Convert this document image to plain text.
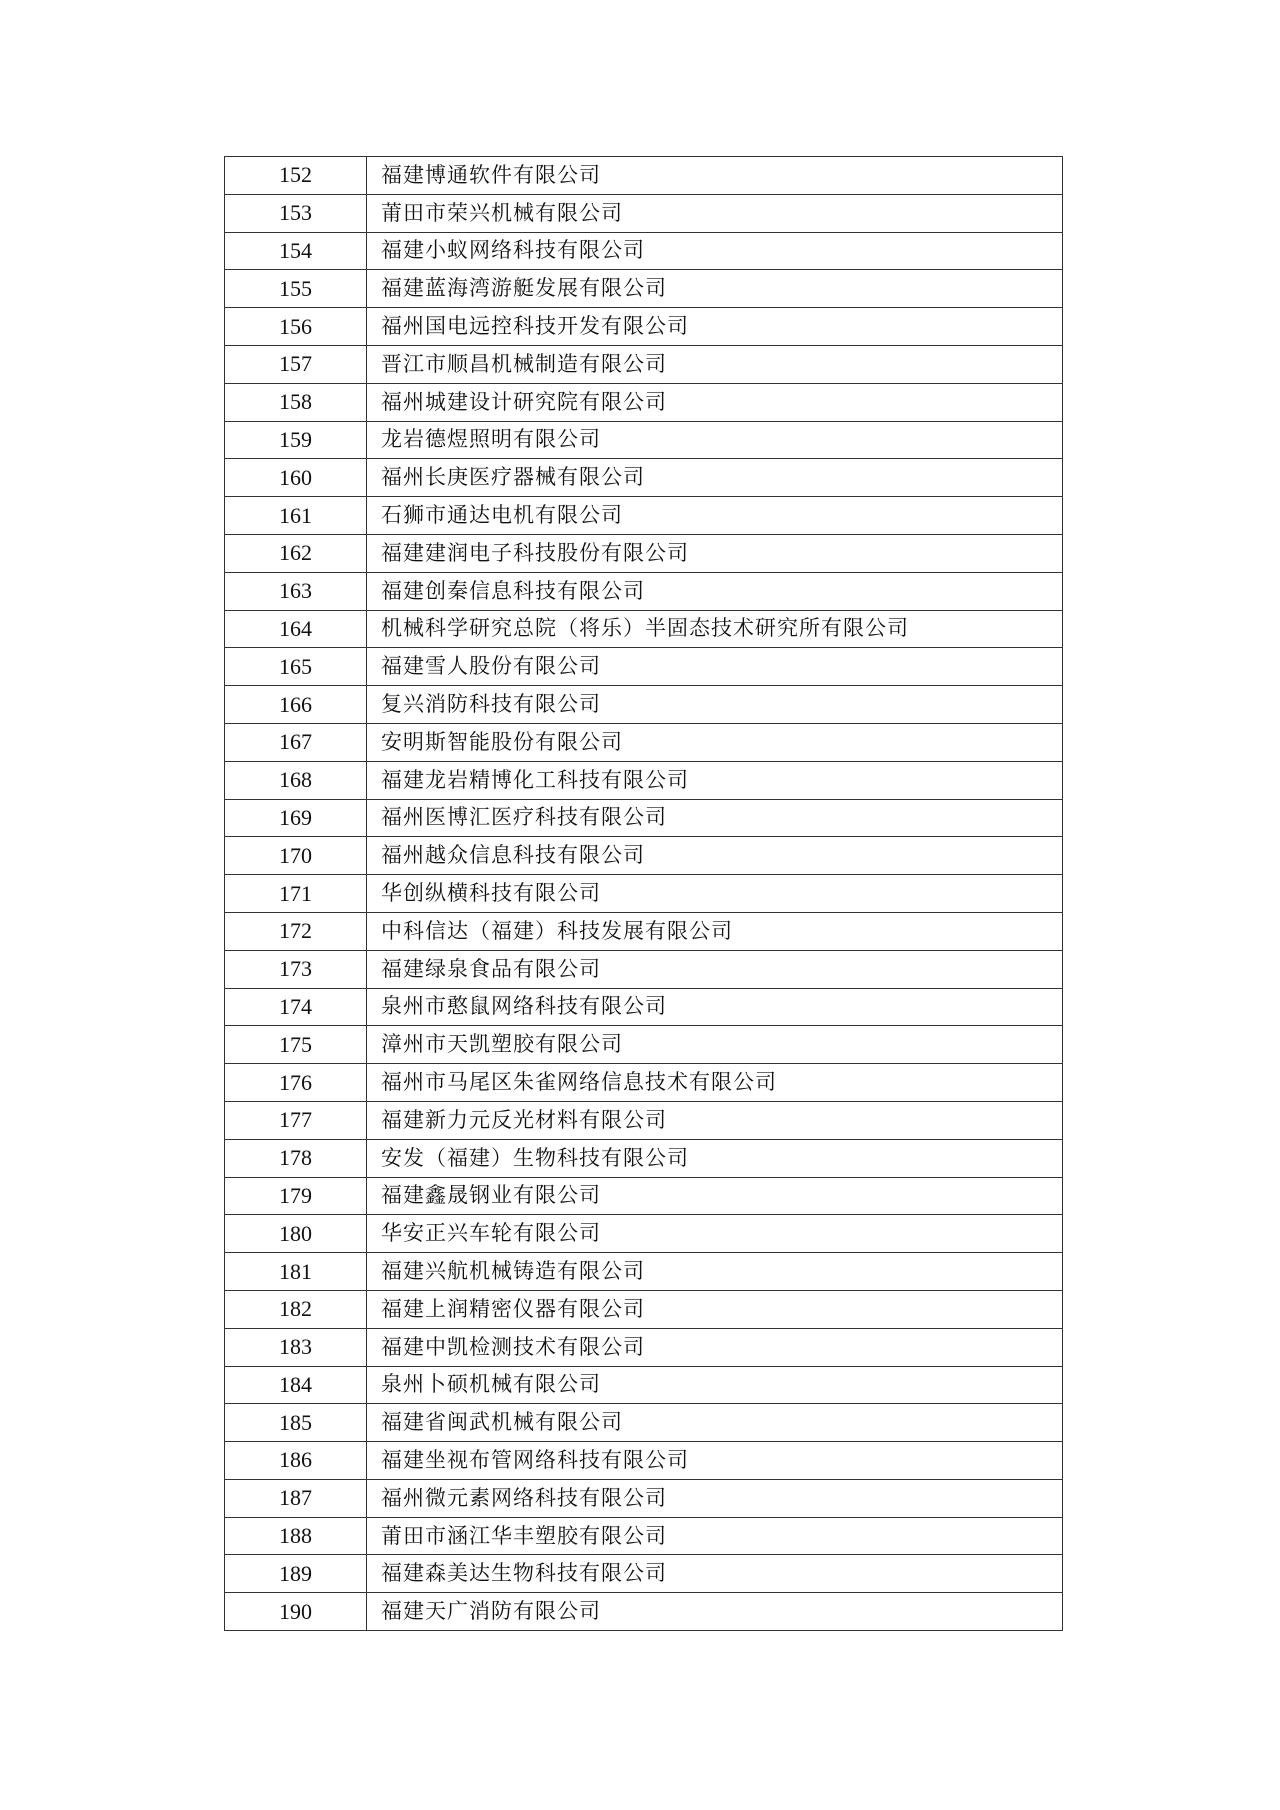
152	福建博通软件有限公司
153	莆田市荣兴机械有限公司
154	福建小蚁网络科技有限公司
155	福建蓝海湾游艇发展有限公司
156	福州国电远控科技开发有限公司
157	晋江市顺昌机械制造有限公司
158	福州城建设计研究院有限公司
159	龙岩德煜照明有限公司
160	福州长庚医疗器械有限公司
161	石狮市通达电机有限公司
162	福建建润电子科技股份有限公司
163	福建创秦信息科技有限公司
164	机械科学研究总院（将乐）半固态技术研究所有限公司
165	福建雪人股份有限公司
166	复兴消防科技有限公司
167	安明斯智能股份有限公司
168	福建龙岩精博化工科技有限公司
169	福州医博汇医疗科技有限公司
170	福州越众信息科技有限公司
171	华创纵横科技有限公司
172	中科信达（福建）科技发展有限公司
173	福建绿泉食品有限公司
174	泉州市憨鼠网络科技有限公司
175	漳州市天凯塑胶有限公司
176	福州市马尾区朱雀网络信息技术有限公司
177	福建新力元反光材料有限公司
178	安发（福建）生物科技有限公司
179	福建鑫晟钢业有限公司
180	华安正兴车轮有限公司
181	福建兴航机械铸造有限公司
182	福建上润精密仪器有限公司
183	福建中凯检测技术有限公司
184	泉州卜硕机械有限公司
185	福建省闽武机械有限公司
186	福建坐视布管网络科技有限公司
187	福州微元素网络科技有限公司
188	莆田市涵江华丰塑胶有限公司
189	福建森美达生物科技有限公司
190	福建天广消防有限公司
